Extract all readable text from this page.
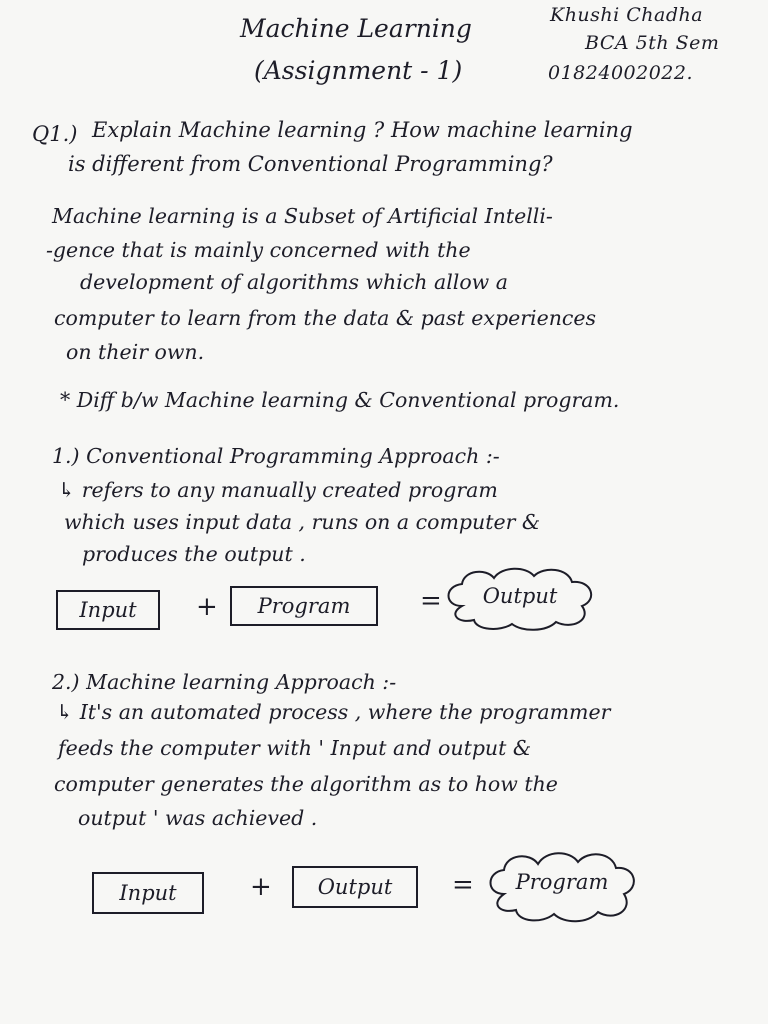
Machine Learning
(Assignment - 1)
Khushi Chadha
BCA 5th Sem
01824002022.
Q1.) Explain Machine learning ? How machine learning
is different from Conventional Programming?
Machine learning is a Subset of Artificial Intelli-
-gence that is mainly concerned with the
development of algorithms which allow a
computer to learn from the data & past experiences
on their own.
* Diff b/w Machine learning & Conventional program.
1.) Conventional Programming Approach :-
↳ refers to any manually created program
which uses input data , runs on a computer &
produces the output .
Input	+	Program	=	Output
2.) Machine learning Approach :-
↳ It's an automated process , where the programmer
feeds the computer with ' Input and output &
computer generates the algorithm as to how the
output ' was achieved .
Input	+	Output	=	Program
